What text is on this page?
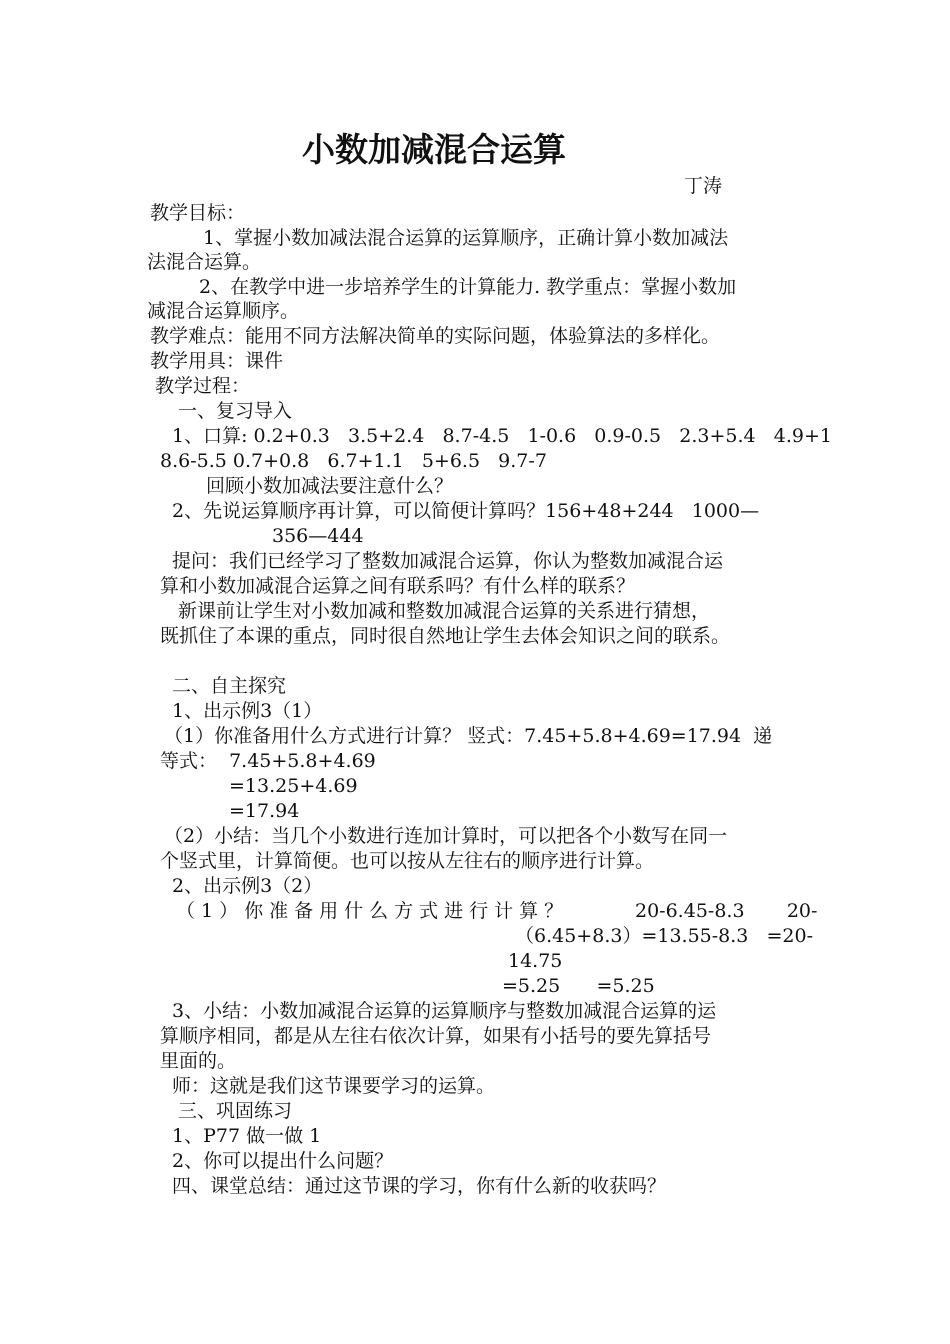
小数加减混合运算
丁涛
教学目标：
1、掌握小数加减法混合运算的运算顺序，正确计算小数加减法
法混合运算。
2、在教学中进一步培养学生的计算能力. 教学重点：掌握小数加
减混合运算顺序。
教学难点：能用不同方法解决简单的实际问题，体验算法的多样化。
教学用具：课件
教学过程：
一、复习导入
1、口算: 0.2+0.3   3.5+2.4   8.7-4.5   1-0.6   0.9-0.5   2.3+5.4   4.9+1
8.6-5.5 0.7+0.8   6.7+1.1   5+6.5   9.7-7
回顾小数加减法要注意什么？
2、先说运算顺序再计算，可以简便计算吗？156+48+244   1000—
356—444
提问：我们已经学习了整数加减混合运算，你认为整数加减混合运
算和小数加减混合运算之间有联系吗？有什么样的联系？
新课前让学生对小数加减和整数加减混合运算的关系进行猜想，
既抓住了本课的重点，同时很自然地让学生去体会知识之间的联系。
二、自主探究
1、出示例3（1）
（1）你准备用什么方式进行计算？ 竖式：7.45+5.8+4.69=17.94  递
等式：  7.45+5.8+4.69
=13.25+4.69
=17.94
（2）小结：当几个小数进行连加计算时，可以把各个小数写在同一
个竖式里，计算简便。也可以按从左往右的顺序进行计算。
2、出示例3（2）
（1）你准备用什么方式进行计算？	20-6.45-8.3       20-
（6.45+8.3）=13.55-8.3   =20-
14.75
=5.25      =5.25
3、小结：小数加减混合运算的运算顺序与整数加减混合运算的运
算顺序相同，都是从左往右依次计算，如果有小括号的要先算括号
里面的。
师：这就是我们这节课要学习的运算。
三、巩固练习
1、P77 做一做 1
2、你可以提出什么问题？
四、课堂总结：通过这节课的学习，你有什么新的收获吗？
